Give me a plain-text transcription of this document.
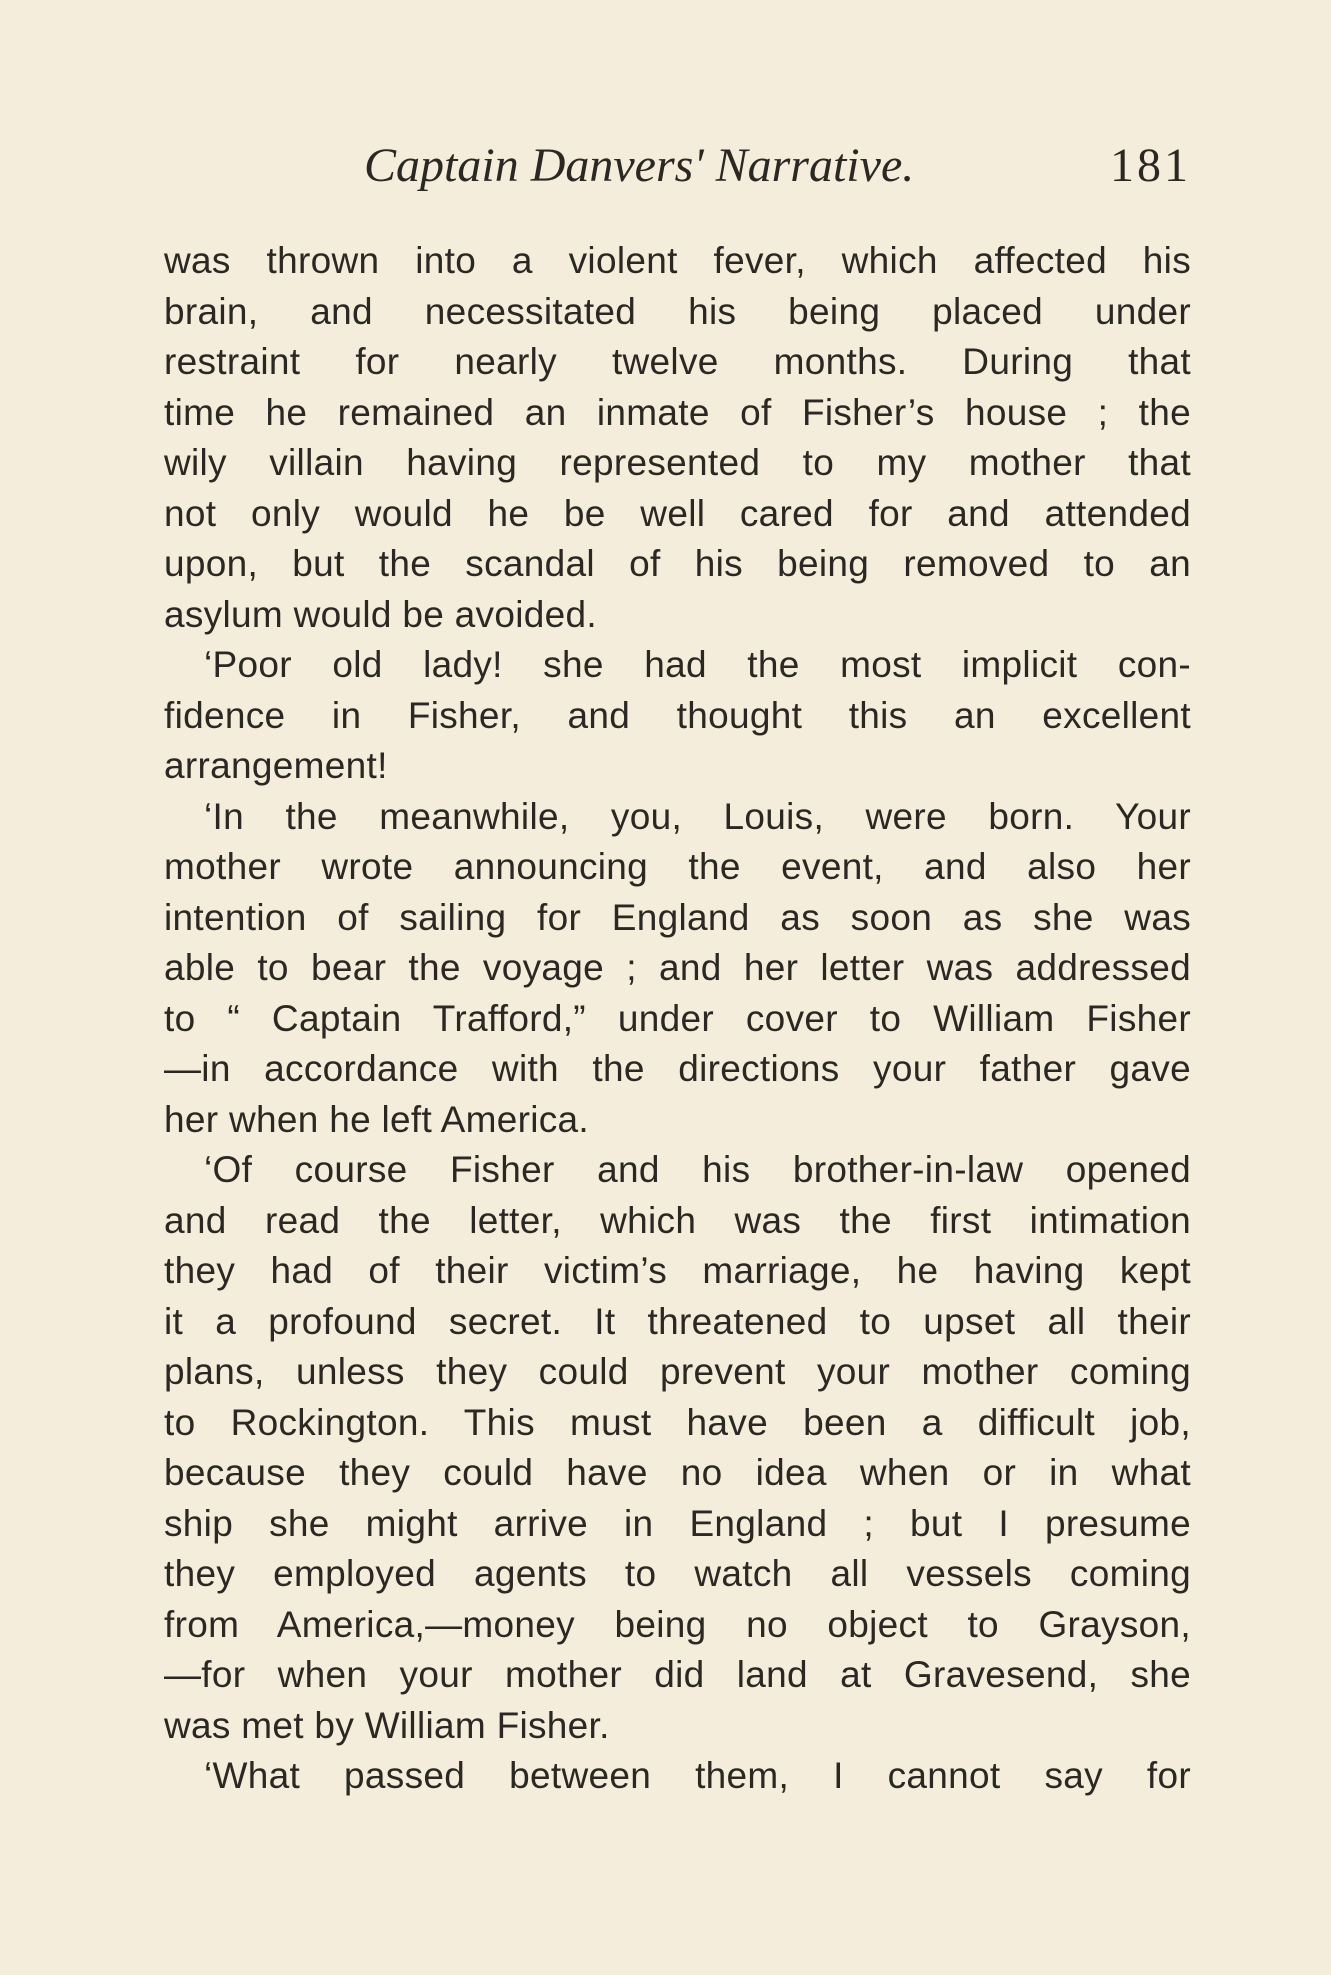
Captain Danvers' Narrative.	181
was thrown into a violent fever, which affected his
brain, and necessitated his being placed under
restraint for nearly twelve months. During that
time he remained an inmate of Fisher’s house ; the
wily villain having represented to my mother that
not only would he be well cared for and attended
upon, but the scandal of his being removed to an
asylum would be avoided.
‘Poor old lady! she had the most implicit con-
fidence in Fisher, and thought this an excellent
arrangement!
‘In the meanwhile, you, Louis, were born. Your
mother wrote announcing the event, and also her
intention of sailing for England as soon as she was
able to bear the voyage ; and her letter was addressed
to “ Captain Trafford,” under cover to William Fisher
—in accordance with the directions your father gave
her when he left America.
‘Of course Fisher and his brother-in-law opened
and read the letter, which was the first intimation
they had of their victim’s marriage, he having kept
it a profound secret. It threatened to upset all their
plans, unless they could prevent your mother coming
to Rockington. This must have been a difficult job,
because they could have no idea when or in what
ship she might arrive in England ; but I presume
they employed agents to watch all vessels coming
from America,—money being no object to Grayson,
—for when your mother did land at Gravesend, she
was met by William Fisher.
‘What passed between them, I cannot say for
